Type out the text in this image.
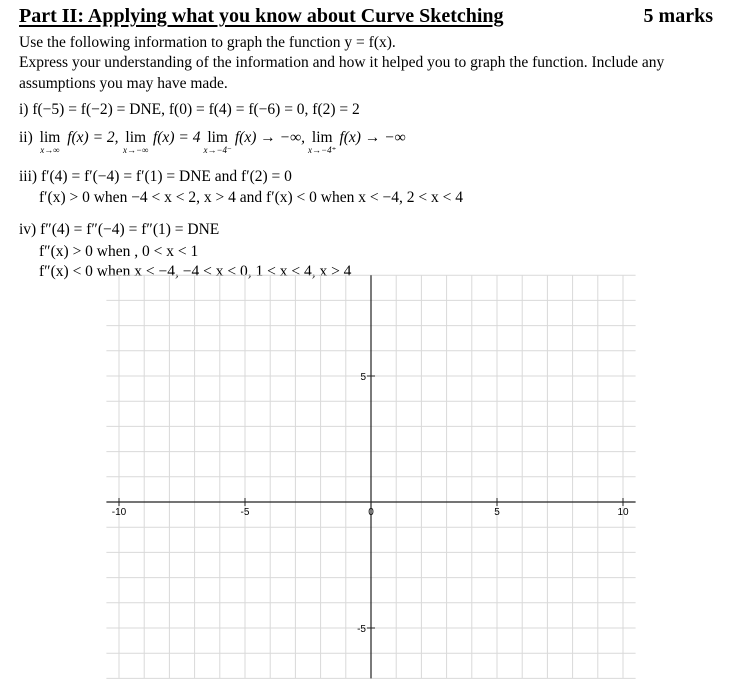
Part II: Applying what you know about Curve Sketching	5 marks
Use the following information to graph the function y = f(x).
Express your understanding of the information and how it helped you to graph the function. Include any
assumptions you may have made.
i) f(−5) = f(−2) = DNE, f(0) = f(4) = f(−6) = 0, f(2) = 2
ii) lim
x→∞
f(x) = 2, lim
x→−∞
f(x) = 4 lim
x→−4⁻
f(x) → −∞, lim
x→−4⁺
f(x) → −∞
iii) f′(4) = f′(−4) = f′(1) = DNE and f′(2) = 0
f′(x) > 0 when −4 < x < 2, x > 4 and f′(x) < 0 when x < −4, 2 < x < 4
iv) f″(4) = f″(−4) = f″(1) = DNE
f″(x) > 0 when , 0 < x < 1
f″(x) < 0 when x < −4, −4 < x < 0, 1 < x < 4, x > 4
-10	-5	0	5	10
5
-5
